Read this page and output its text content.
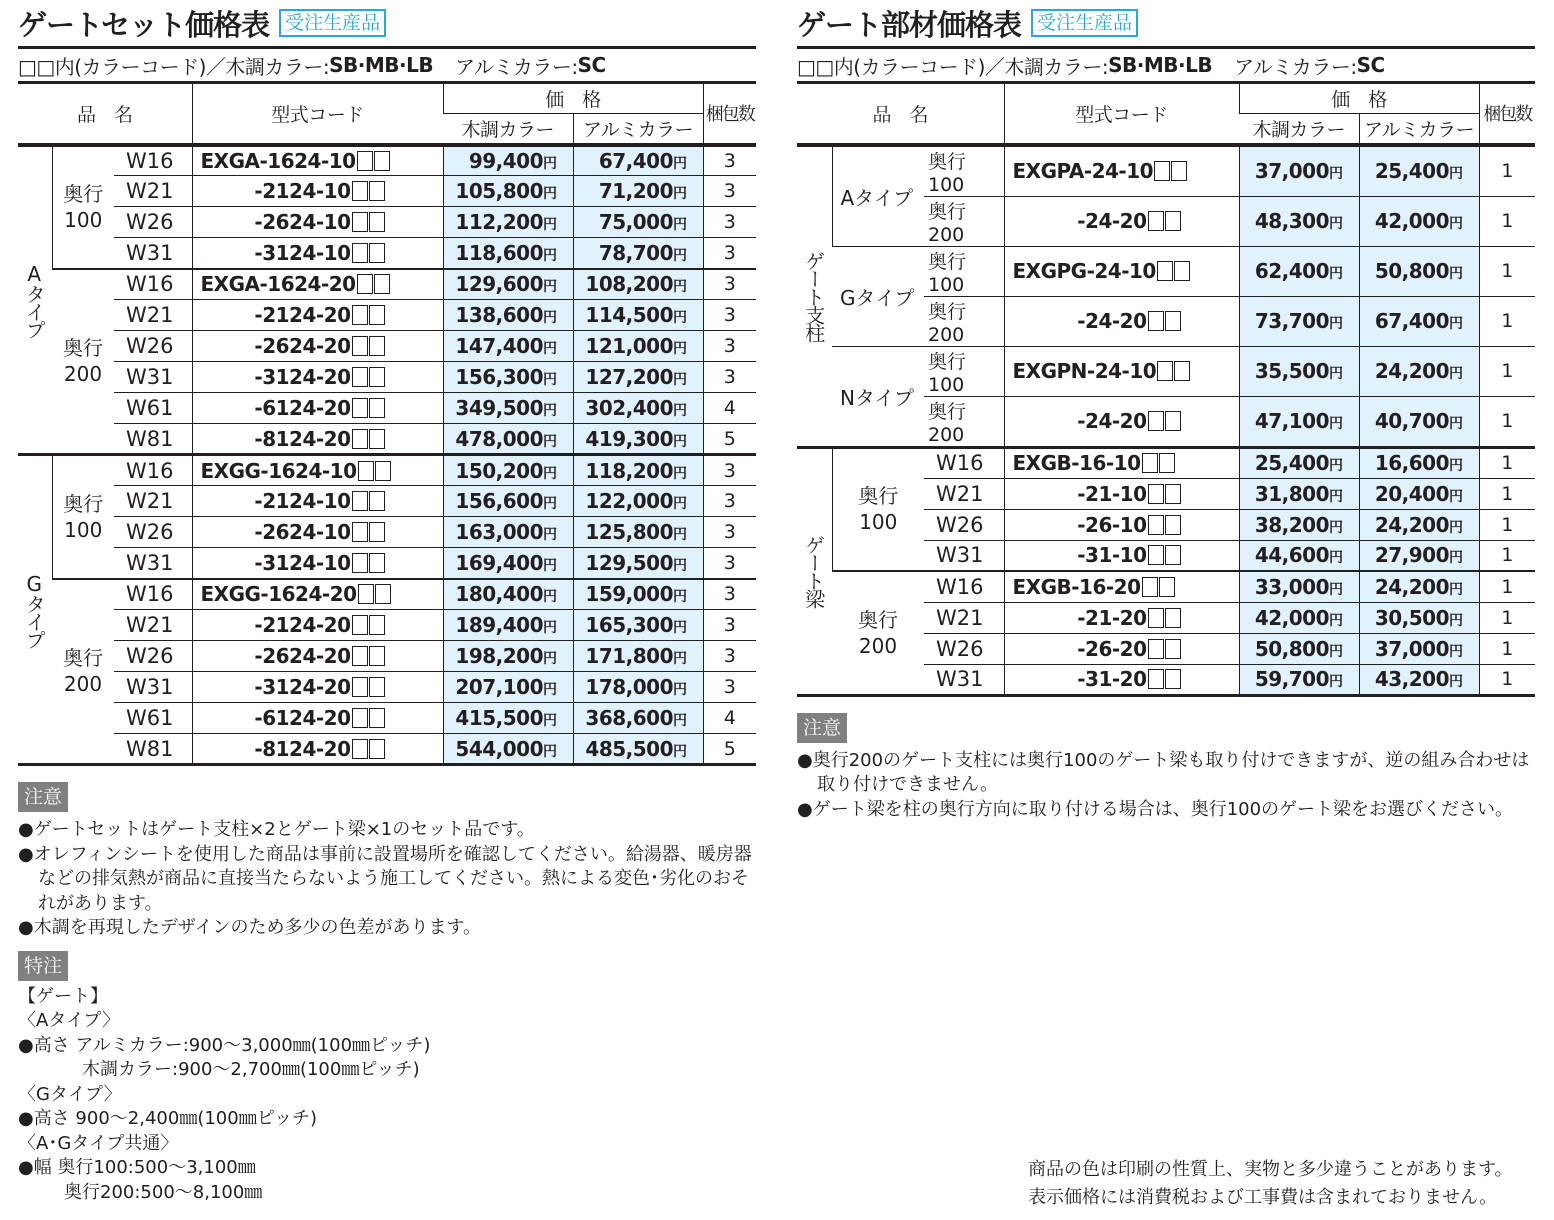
ゲートセット価格表 受注生産品
□□内(カラーコード)／木調カラー: SB·MB·LB アルミカラー: SC
品　名			型式コード	価　格		梱包数
				木調カラー	アルミカラー	
Aタイプ	奥行
100	W16	EXGA-1624-10	99,400円	67,400円	3
		W21	-2124-10	105,800円	71,200円	3
		W26	-2624-10	112,200円	75,000円	3
		W31	-3124-10	118,600円	78,700円	3

	奥行
200	W16	EXGA-1624-20	129,600円	108,200円	3
		W21	-2124-20	138,600円	114,500円	3
		W26	-2624-20	147,400円	121,000円	3
		W31	-3124-20	156,300円	127,200円	3
		W61	-6124-20	349,500円	302,400円	4
		W81	-8124-20	478,000円	419,300円	5
Gタイプ	奥行
100	W16	EXGG-1624-10	150,200円	118,200円	3
		W21	-2124-10	156,600円	122,000円	3
		W26	-2624-10	163,000円	125,800円	3
		W31	-3124-10	169,400円	129,500円	3

	奥行
200	W16	EXGG-1624-20	180,400円	159,000円	3
		W21	-2124-20	189,400円	165,300円	3
		W26	-2624-20	198,200円	171,800円	3
		W31	-3124-20	207,100円	178,000円	3
		W61	-6124-20	415,500円	368,600円	4
		W81	-8124-20	544,000円	485,500円	5
注意

●ゲートセットはゲート支柱×2とゲート梁×1のセット品です。

●オレフィンシートを使用した商品は事前に設置場所を確認してください。給湯器、暖房器などの排気熱が商品に直接当たらないよう施工してください。熱による変色･劣化のおそれがあります。

●木調を再現したデザインのため多少の色差があります。

特注

【ゲート】

〈Aタイプ〉

●高さ アルミカラー:900～3,000㎜(100㎜ピッチ)

木調カラー:900～2,700㎜(100㎜ピッチ)

〈Gタイプ〉

●高さ 900～2,400㎜(100㎜ピッチ)

〈A･Gタイプ共通〉

●幅 奥行100:500～3,100㎜

奥行200:500～8,100㎜

ゲート部材価格表 受注生産品
□□内(カラーコード)／木調カラー: SB·MB·LB アルミカラー: SC
品　名			型式コード	価　格		梱包数
				木調カラー	アルミカラー	
ゲート支柱	Aタイプ	奥行100	EXGPA-24-10	37,000円	25,400円	1
		奥行200	-24-20	48,300円	42,000円	1
	Gタイプ	奥行100	EXGPG-24-10	62,400円	50,800円	1
		奥行200	-24-20	73,700円	67,400円	1
	Nタイプ	奥行100	EXGPN-24-10	35,500円	24,200円	1
		奥行200	-24-20	47,100円	40,700円	1
ゲート梁	奥行
100	W16	EXGB-16-10	25,400円	16,600円	1
		W21	-21-10	31,800円	20,400円	1
		W26	-26-10	38,200円	24,200円	1
		W31	-31-10	44,600円	27,900円	1

	奥行
200	W16	EXGB-16-20	33,000円	24,200円	1
		W21	-21-20	42,000円	30,500円	1
		W26	-26-20	50,800円	37,000円	1
		W31	-31-20	59,700円	43,200円	1
注意

●奥行200のゲート支柱には奥行100のゲート梁も取り付けできますが、逆の組み合わせは取り付けできません。

●ゲート梁を柱の奥行方向に取り付ける場合は、奥行100のゲート梁をお選びください。

商品の色は印刷の性質上、実物と多少違うことがあります。
表示価格には消費税および工事費は含まれておりません。
